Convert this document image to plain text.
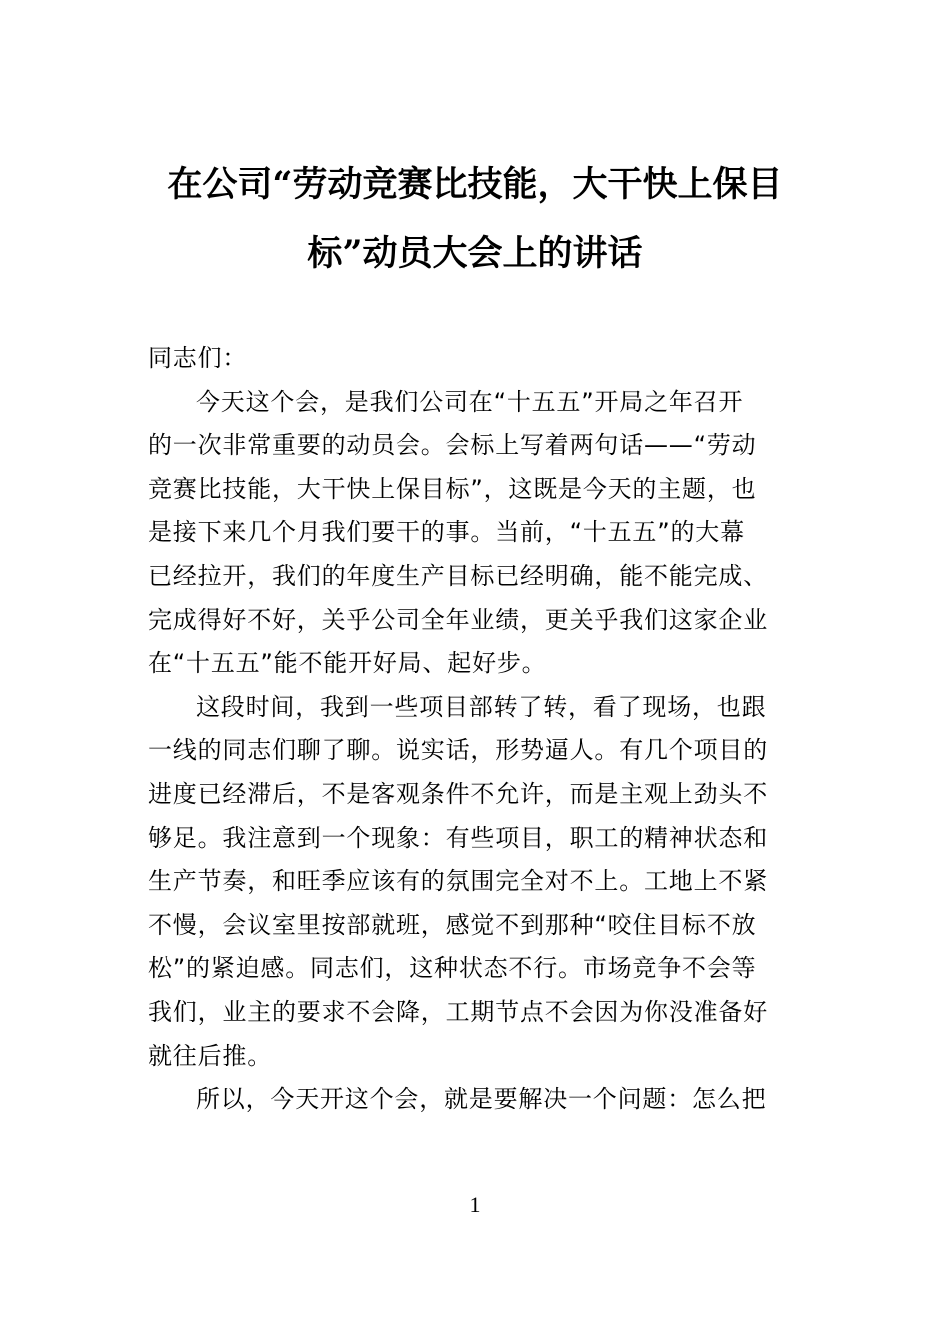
在公司“劳动竞赛比技能，大干快上保目
标”动员大会上的讲话
同志们：
今天这个会，是我们公司在“十五五”开局之年召开
的一次非常重要的动员会。会标上写着两句话——“劳动
竞赛比技能，大干快上保目标”，这既是今天的主题，也
是接下来几个月我们要干的事。当前，“十五五”的大幕
已经拉开，我们的年度生产目标已经明确，能不能完成、
完成得好不好，关乎公司全年业绩，更关乎我们这家企业
在“十五五”能不能开好局、起好步。
这段时间，我到一些项目部转了转，看了现场，也跟
一线的同志们聊了聊。说实话，形势逼人。有几个项目的
进度已经滞后，不是客观条件不允许，而是主观上劲头不
够足。我注意到一个现象：有些项目，职工的精神状态和
生产节奏，和旺季应该有的氛围完全对不上。工地上不紧
不慢，会议室里按部就班，感觉不到那种“咬住目标不放
松”的紧迫感。同志们，这种状态不行。市场竞争不会等
我们，业主的要求不会降，工期节点不会因为你没准备好
就往后推。
所以，今天开这个会，就是要解决一个问题：怎么把
1
